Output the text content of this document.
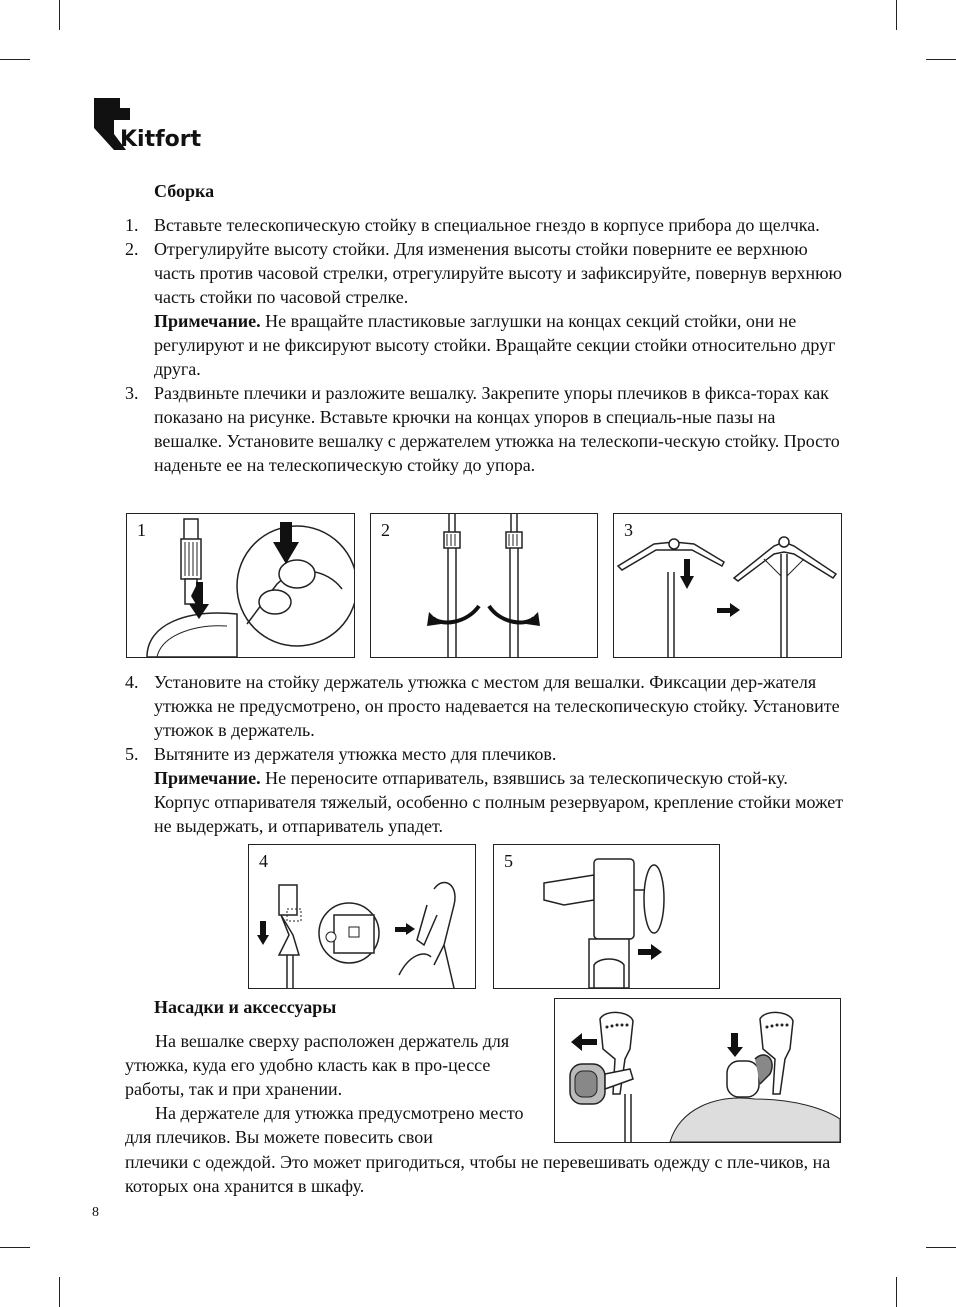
Kitfort
Сборка
1. Вставьте телескопическую стойку в специальное гнездо в корпусе прибора до щелчка.

2. Отрегулируйте высоту стойки. Для изменения высоты стойки поверните ее верхнюю часть против часовой стрелки, отрегулируйте высоту и зафиксируйте, повернув верхнюю часть стойки по часовой стрелке.

Примечание. Не вращайте пластиковые заглушки на концах секций стойки, они не регулируют и не фиксируют высоту стойки. Вращайте секции стойки относительно друг друга.

3. Раздвиньте плечики и разложите вешалку. Закрепите упоры плечиков в фикса-торах как показано на рисунке. Вставьте крючки на концах упоров в специаль-ные пазы на вешалке. Установите вешалку с держателем утюжка на телескопи-ческую стойку. Просто наденьте ее на телескопическую стойку до упора.

1	2	3
4. Установите на стойку держатель утюжка с местом для вешалки. Фиксации дер-жателя утюжка не предусмотрено, он просто надевается на телескопическую стойку. Установите утюжок в держатель.

5. Вытяните из держателя утюжка место для плечиков.

Примечание. Не переносите отпариватель, взявшись за телескопическую стой-ку. Корпус отпаривателя тяжелый, особенно с полным резервуаром, крепление стойки может не выдержать, и отпариватель упадет.

4	5
Насадки и аксессуары

На вешалке сверху расположен держатель для утюжка, куда его удобно класть как в про-цессе работы, так и при хранении.

На держателе для утюжка предусмотрено место для плечиков. Вы можете повесить свои

плечики с одеждой. Это может пригодиться, чтобы не перевешивать одежду с пле-чиков, на которых она хранится в шкафу.

8
